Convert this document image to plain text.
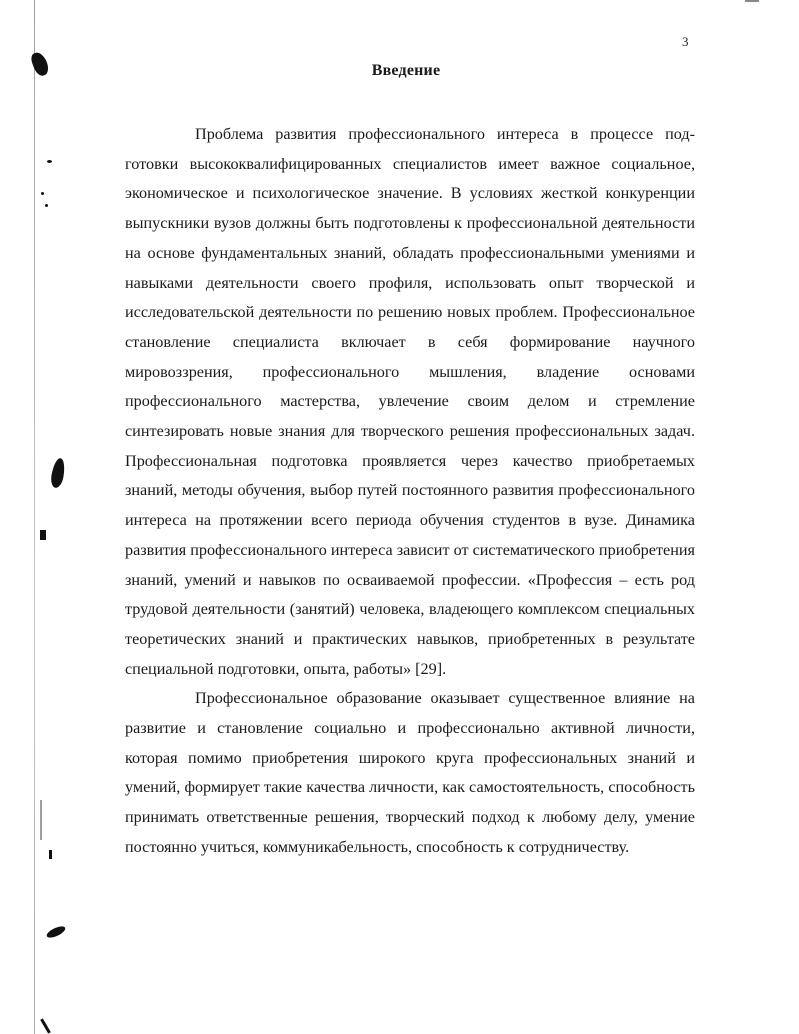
3
Введение

Проблема развития профессионального интереса в процессе подготовки высококвалифицированных специалистов имеет важное социальное, экономическое и психологическое значение. В условиях жесткой конкуренции выпускники вузов должны быть подготовлены к профессиональной деятельности на основе фундаментальных знаний, обладать профессиональными умениями и навыками деятельности своего профиля, использовать опыт творческой и исследовательской деятельности по решению новых проблем. Профессиональное становление специалиста включает в себя формирование научного мировоззрения, профессионального мышления, владение основами профессионального мастерства, увлечение своим делом и стремление синтезировать новые знания для творческого решения профессиональных задач. Профессиональная подготовка проявляется через качество приобретаемых знаний, методы обучения, выбор путей постоянного развития профессионального интереса на протяжении всего периода обучения студентов в вузе. Динамика развития профессионального интереса зависит от систематического приобретения знаний, умений и навыков по осваиваемой профессии. «Профессия – есть род трудовой деятельности (занятий) человека, владеющего комплексом специальных теоретических знаний и практических навыков, приобретенных в результате специальной подготовки, опыта, работы» [29].

Профессиональное образование оказывает существенное влияние на развитие и становление социально и профессионально активной личности, которая помимо приобретения широкого круга профессиональных знаний и умений, формирует такие качества личности, как самостоятельность, способность принимать ответственные решения, творческий подход к любому делу, умение постоянно учиться, коммуникабельность, способность к сотрудничеству.
